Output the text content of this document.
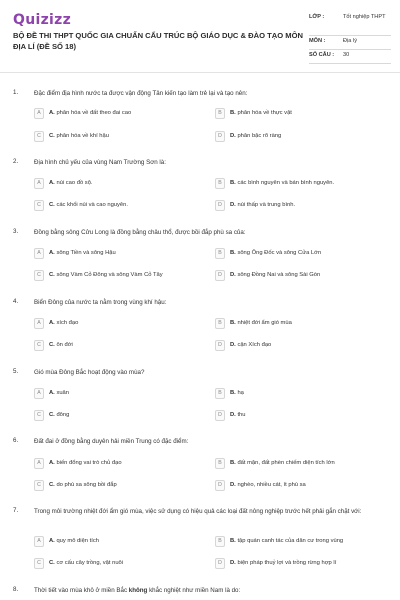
Quizizz
BỘ ĐỀ THI THPT QUỐC GIA CHUẨN CẤU TRÚC BỘ GIÁO DỤC & ĐÀO TẠO MÔN ĐỊA LÍ (ĐỀ SỐ 18)
LỚP :	Tốt nghiệp THPT
MÔN :	Địa lý
SỐ CÂU :	30
1.	Đặc điểm địa hình nước ta được vận động Tân kiến tạo làm trẻ lại và tạo nên:
A	A. phân hóa về đất theo đai cao	B	B. phân hóa về thực vật
C	C. phân hóa về khí hậu	D	D. phân bậc rõ ràng
2.	Địa hình chủ yếu của vùng Nam Trường Sơn là:
A	A. núi cao đồ sộ.	B	B. các bình nguyên và bán bình nguyên.
C	C. các khối núi và cao nguyên.	D	D. núi thấp và trung bình.
3.	Đồng bằng sông Cửu Long là đồng bằng châu thổ, được bồi đắp phù sa của:
A	A. sông Tiền và sông Hậu	B	B. sông Ông Đốc và sông Cửa Lớn
C	C. sông Vàm Cỏ Đông và sông Vàm Cỏ Tây	D	D. sông Đồng Nai và sông Sài Gòn
4.	Biển Đông của nước ta nằm trong vùng khí hậu:
A	A. xích đạo	B	B. nhiệt đới ẩm gió mùa
C	C. ôn đới	D	D. cận Xích đạo
5.	Gió mùa Đông Bắc hoạt động vào mùa?
A	A. xuân	B	B. hạ
C	C. đông	D	D. thu
6.	Đất đai ở đồng bằng duyên hải miền Trung có đặc điểm:
A	A. biến đổng vai trò chủ đạo	B	B. đất mặn, đất phèn chiếm diện tích lớn
C	C. do phù sa sông bồi đắp	D	D. nghèo, nhiều cát, ít phù sa
7.	Trong môi trường nhiệt đới ẩm gió mùa, việc sử dụng có hiệu quả các loại đất nông nghiệp trước hết phải gắn chặt với:
A	A. quy mô diện tích	B	B. tập quán canh tác của dân cư trong vùng
C	C. cơ cấu cây trồng, vật nuôi	D	D. biện pháp thuỷ lợi và trồng rừng hợp lí
8.	Thời tiết vào mùa khô ở miền Bắc không khắc nghiệt như miền Nam là do:
